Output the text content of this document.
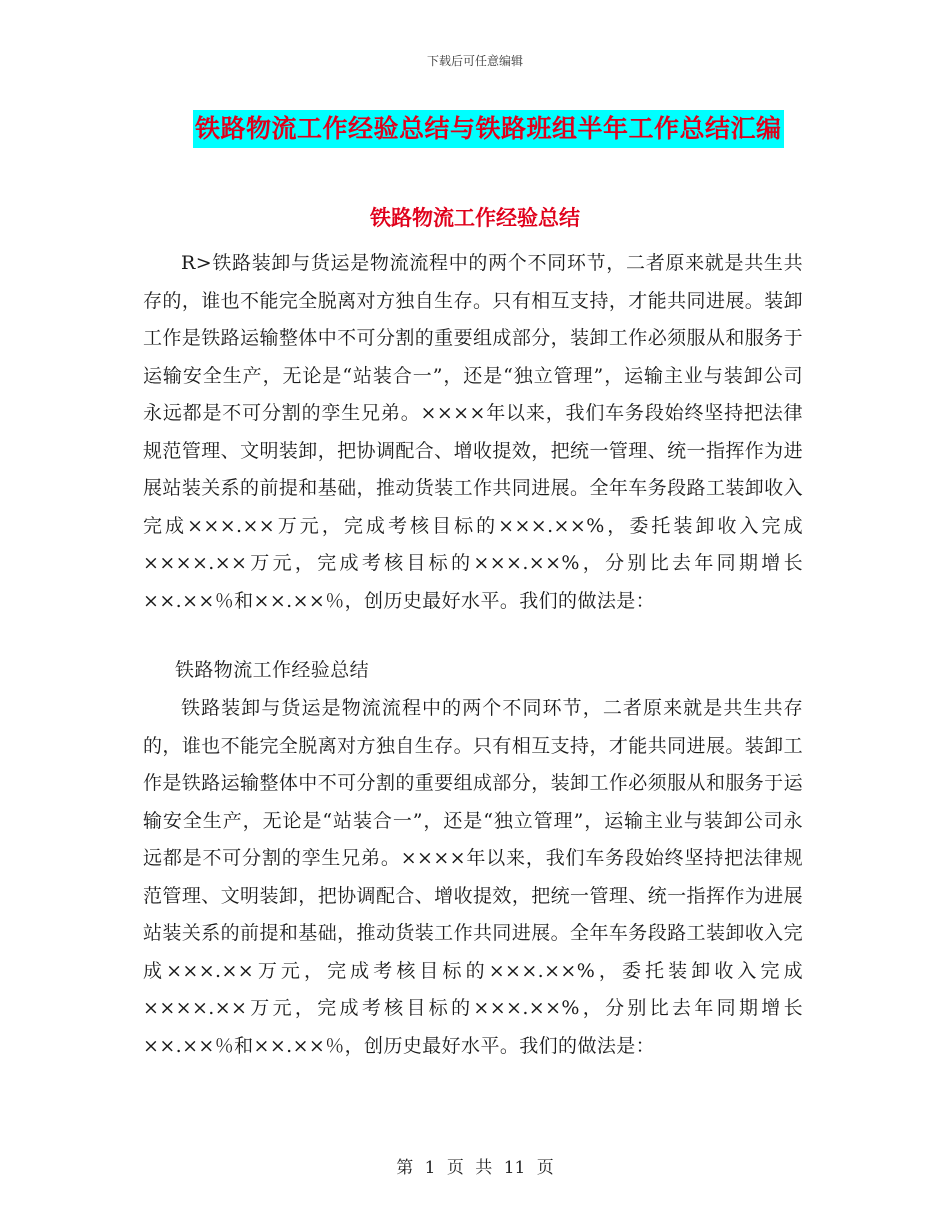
下载后可任意编辑
铁路物流工作经验总结与铁路班组半年工作总结汇编
铁路物流工作经验总结

R>铁路装卸与货运是物流流程中的两个不同环节，二者原来就是共生共存的，谁也不能完全脱离对方独自生存。只有相互支持，才能共同进展。装卸工作是铁路运输整体中不可分割的重要组成部分，装卸工作必须服从和服务于运输安全生产，无论是“站装合一”，还是“独立管理”，运输主业与装卸公司永远都是不可分割的孪生兄弟。××××年以来，我们车务段始终坚持把法律规范管理、文明装卸，把协调配合、增收提效，把统一管理、统一指挥作为进展站装关系的前提和基础，推动货装工作共同进展。全年车务段路工装卸收入完成×××.××万元，完成考核目标的×××.××%，委托装卸收入完成××××.××万元，完成考核目标的×××.××%，分别比去年同期增长××.××％和××.××％，创历史最好水平。我们的做法是：

铁路物流工作经验总结

铁路装卸与货运是物流流程中的两个不同环节，二者原来就是共生共存的，谁也不能完全脱离对方独自生存。只有相互支持，才能共同进展。装卸工作是铁路运输整体中不可分割的重要组成部分，装卸工作必须服从和服务于运输安全生产，无论是“站装合一”，还是“独立管理”，运输主业与装卸公司永远都是不可分割的孪生兄弟。××××年以来，我们车务段始终坚持把法律规范管理、文明装卸，把协调配合、增收提效，把统一管理、统一指挥作为进展站装关系的前提和基础，推动货装工作共同进展。全年车务段路工装卸收入完成×××.××万元，完成考核目标的×××.××%，委托装卸收入完成××××.××万元，完成考核目标的×××.××%，分别比去年同期增长××.××％和××.××％，创历史最好水平。我们的做法是：

第 1 页 共 11 页
